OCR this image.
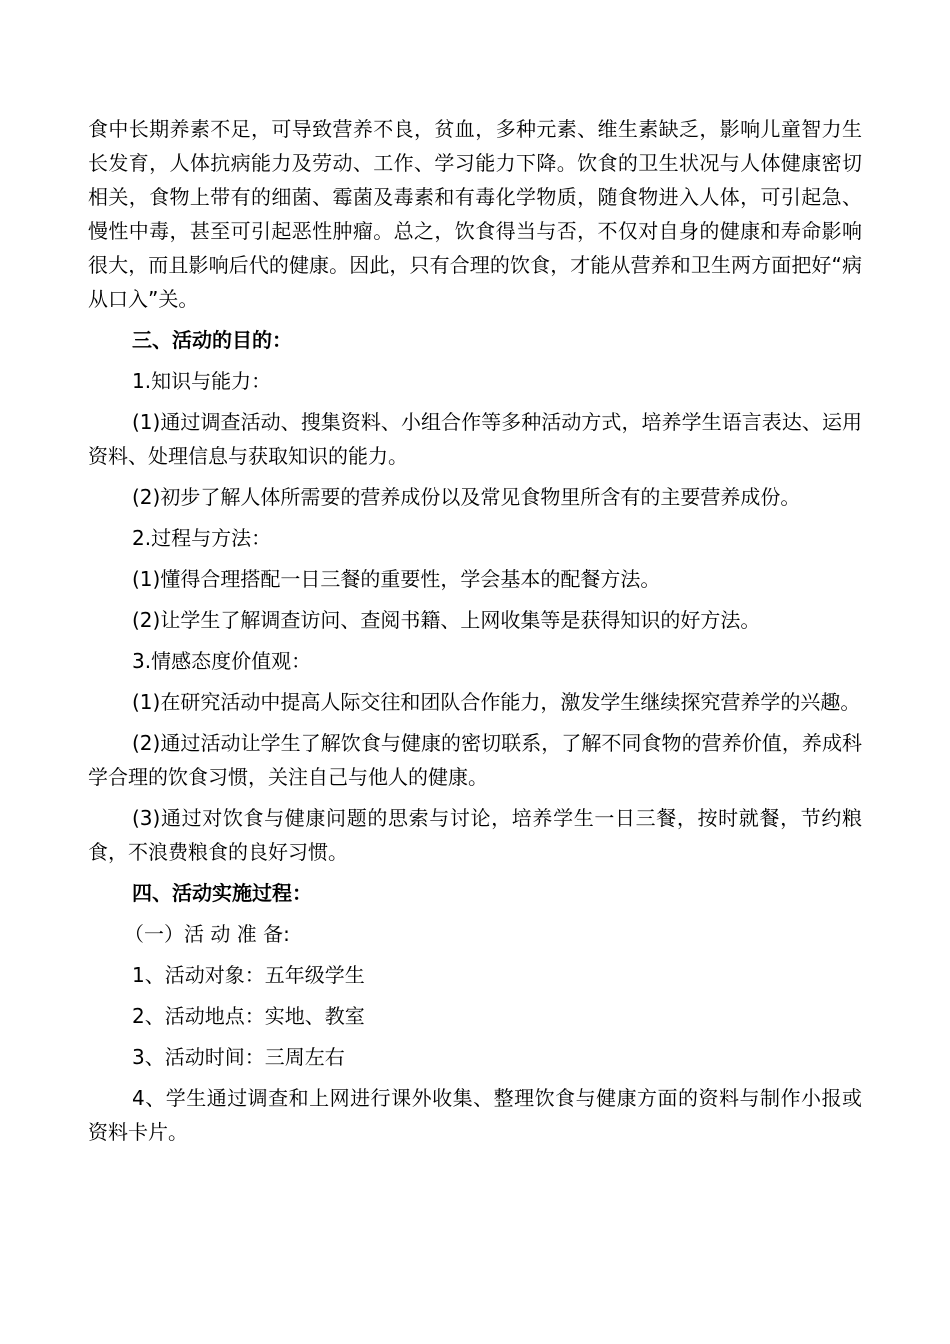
食中长期养素不足，可导致营养不良，贫血，多种元素、维生素缺乏，影响儿童智力生长发育，人体抗病能力及劳动、工作、学习能力下降。饮食的卫生状况与人体健康密切相关，食物上带有的细菌、霉菌及毒素和有毒化学物质，随食物进入人体，可引起急、慢性中毒，甚至可引起恶性肿瘤。总之，饮食得当与否，不仅对自身的健康和寿命影响很大，而且影响后代的健康。因此，只有合理的饮食，才能从营养和卫生两方面把好“病从口入”关。

三、活动的目的：

1.知识与能力：

(1)通过调查活动、搜集资料、小组合作等多种活动方式，培养学生语言表达、运用资料、处理信息与获取知识的能力。

(2)初步了解人体所需要的营养成份以及常见食物里所含有的主要营养成份。

2.过程与方法：

(1)懂得合理搭配一日三餐的重要性，学会基本的配餐方法。

(2)让学生了解调查访问、查阅书籍、上网收集等是获得知识的好方法。

3.情感态度价值观：

(1)在研究活动中提高人际交往和团队合作能力，激发学生继续探究营养学的兴趣。

(2)通过活动让学生了解饮食与健康的密切联系，了解不同食物的营养价值，养成科学合理的饮食习惯，关注自己与他人的健康。

(3)通过对饮食与健康问题的思索与讨论，培养学生一日三餐，按时就餐，节约粮食，不浪费粮食的良好习惯。

四、活动实施过程：

（一）活 动 准 备:

1、活动对象：五年级学生

2、活动地点：实地、教室

3、活动时间：三周左右

4、学生通过调查和上网进行课外收集、整理饮食与健康方面的资料与制作小报或资料卡片。
